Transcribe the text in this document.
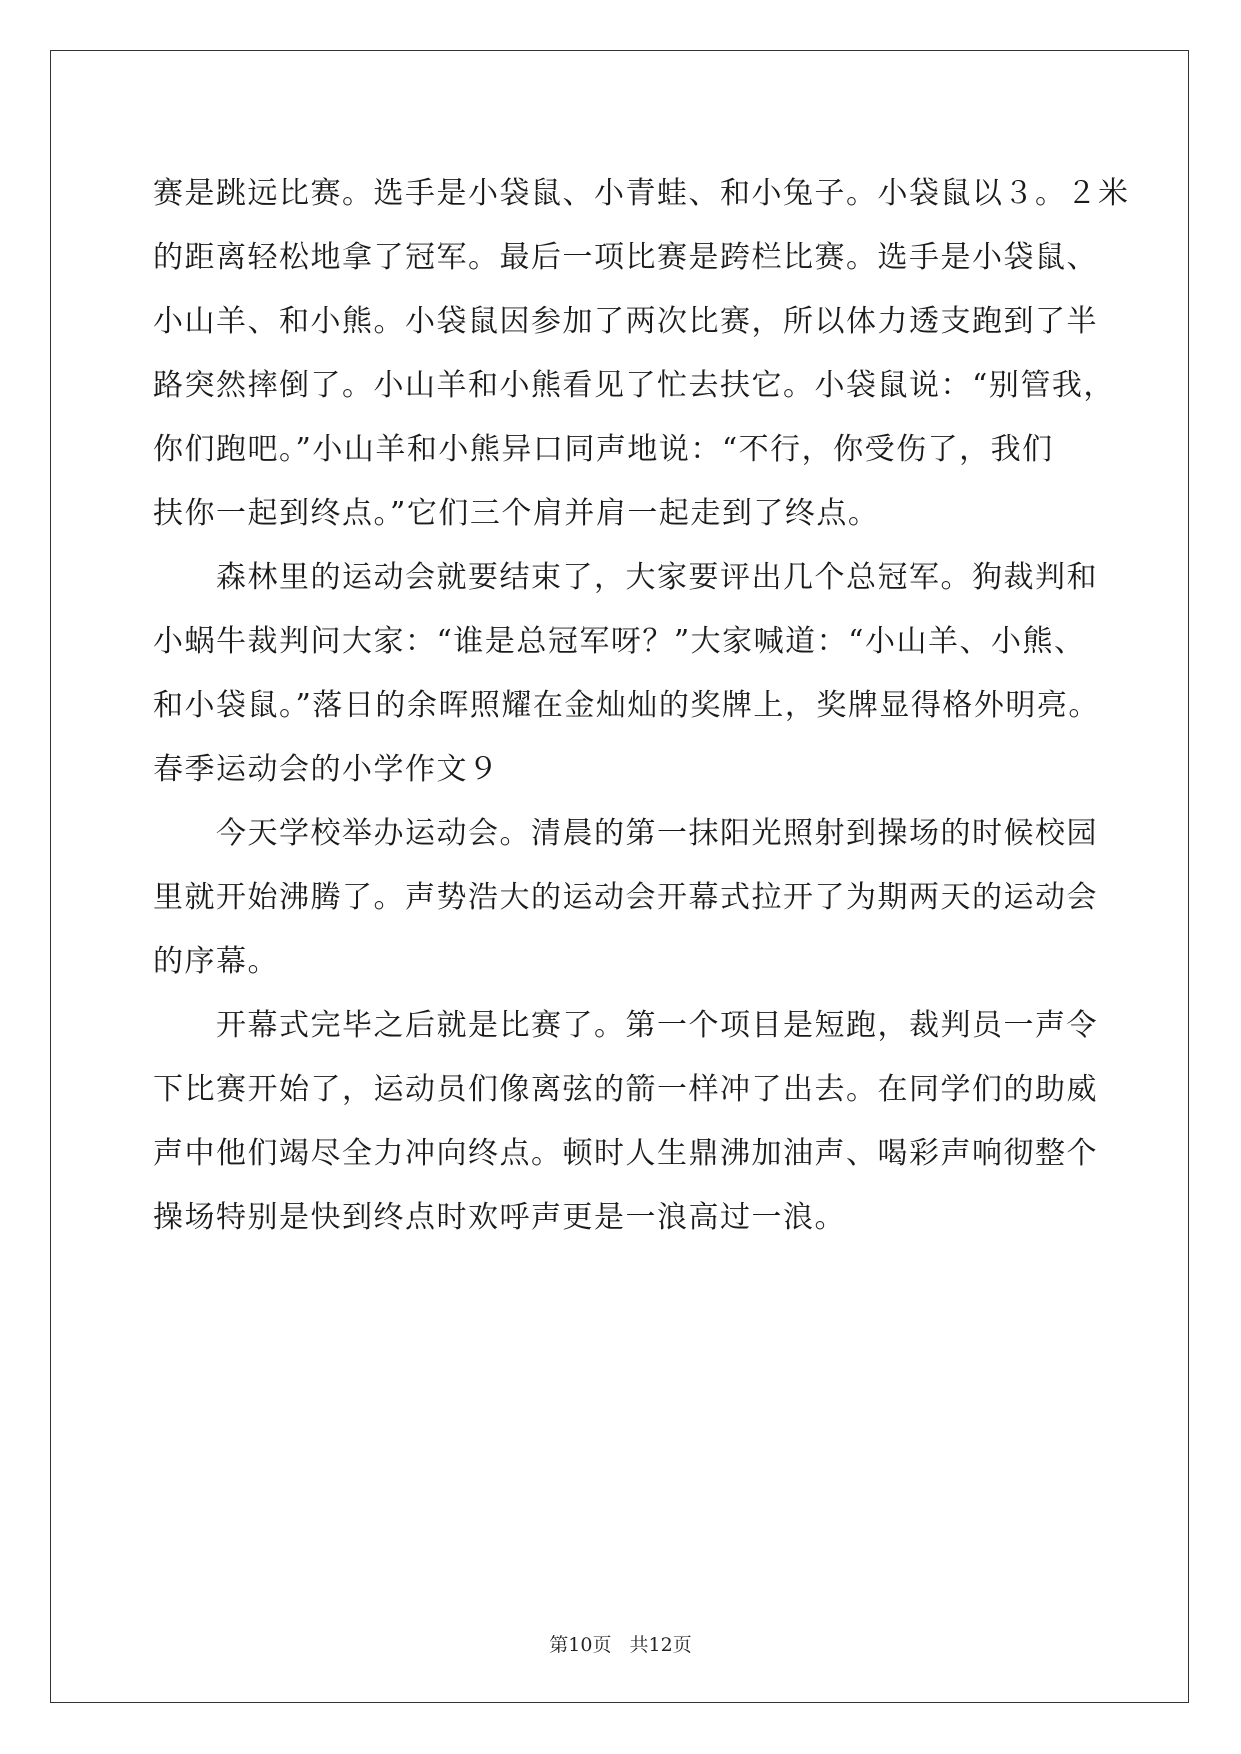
赛是跳远比赛。选手是小袋鼠、小青蛙、和小兔子。小袋鼠以３。２米
的距离轻松地拿了冠军。最后一项比赛是跨栏比赛。选手是小袋鼠、
小山羊、和小熊。小袋鼠因参加了两次比赛，所以体力透支跑到了半
路突然摔倒了。小山羊和小熊看见了忙去扶它。小袋鼠说：“别管我，
你们跑吧。”小山羊和小熊异口同声地说：“不行，你受伤了，我们
扶你一起到终点。”它们三个肩并肩一起走到了终点。
　　森林里的运动会就要结束了，大家要评出几个总冠军。狗裁判和
小蜗牛裁判问大家：“谁是总冠军呀？”大家喊道：“小山羊、小熊、
和小袋鼠。”落日的余晖照耀在金灿灿的奖牌上，奖牌显得格外明亮。
春季运动会的小学作文９
　　今天学校举办运动会。清晨的第一抹阳光照射到操场的时候校园
里就开始沸腾了。声势浩大的运动会开幕式拉开了为期两天的运动会
的序幕。
　　开幕式完毕之后就是比赛了。第一个项目是短跑，裁判员一声令
下比赛开始了，运动员们像离弦的箭一样冲了出去。在同学们的助威
声中他们竭尽全力冲向终点。顿时人生鼎沸加油声、喝彩声响彻整个
操场特别是快到终点时欢呼声更是一浪高过一浪。
第10页 共12页
